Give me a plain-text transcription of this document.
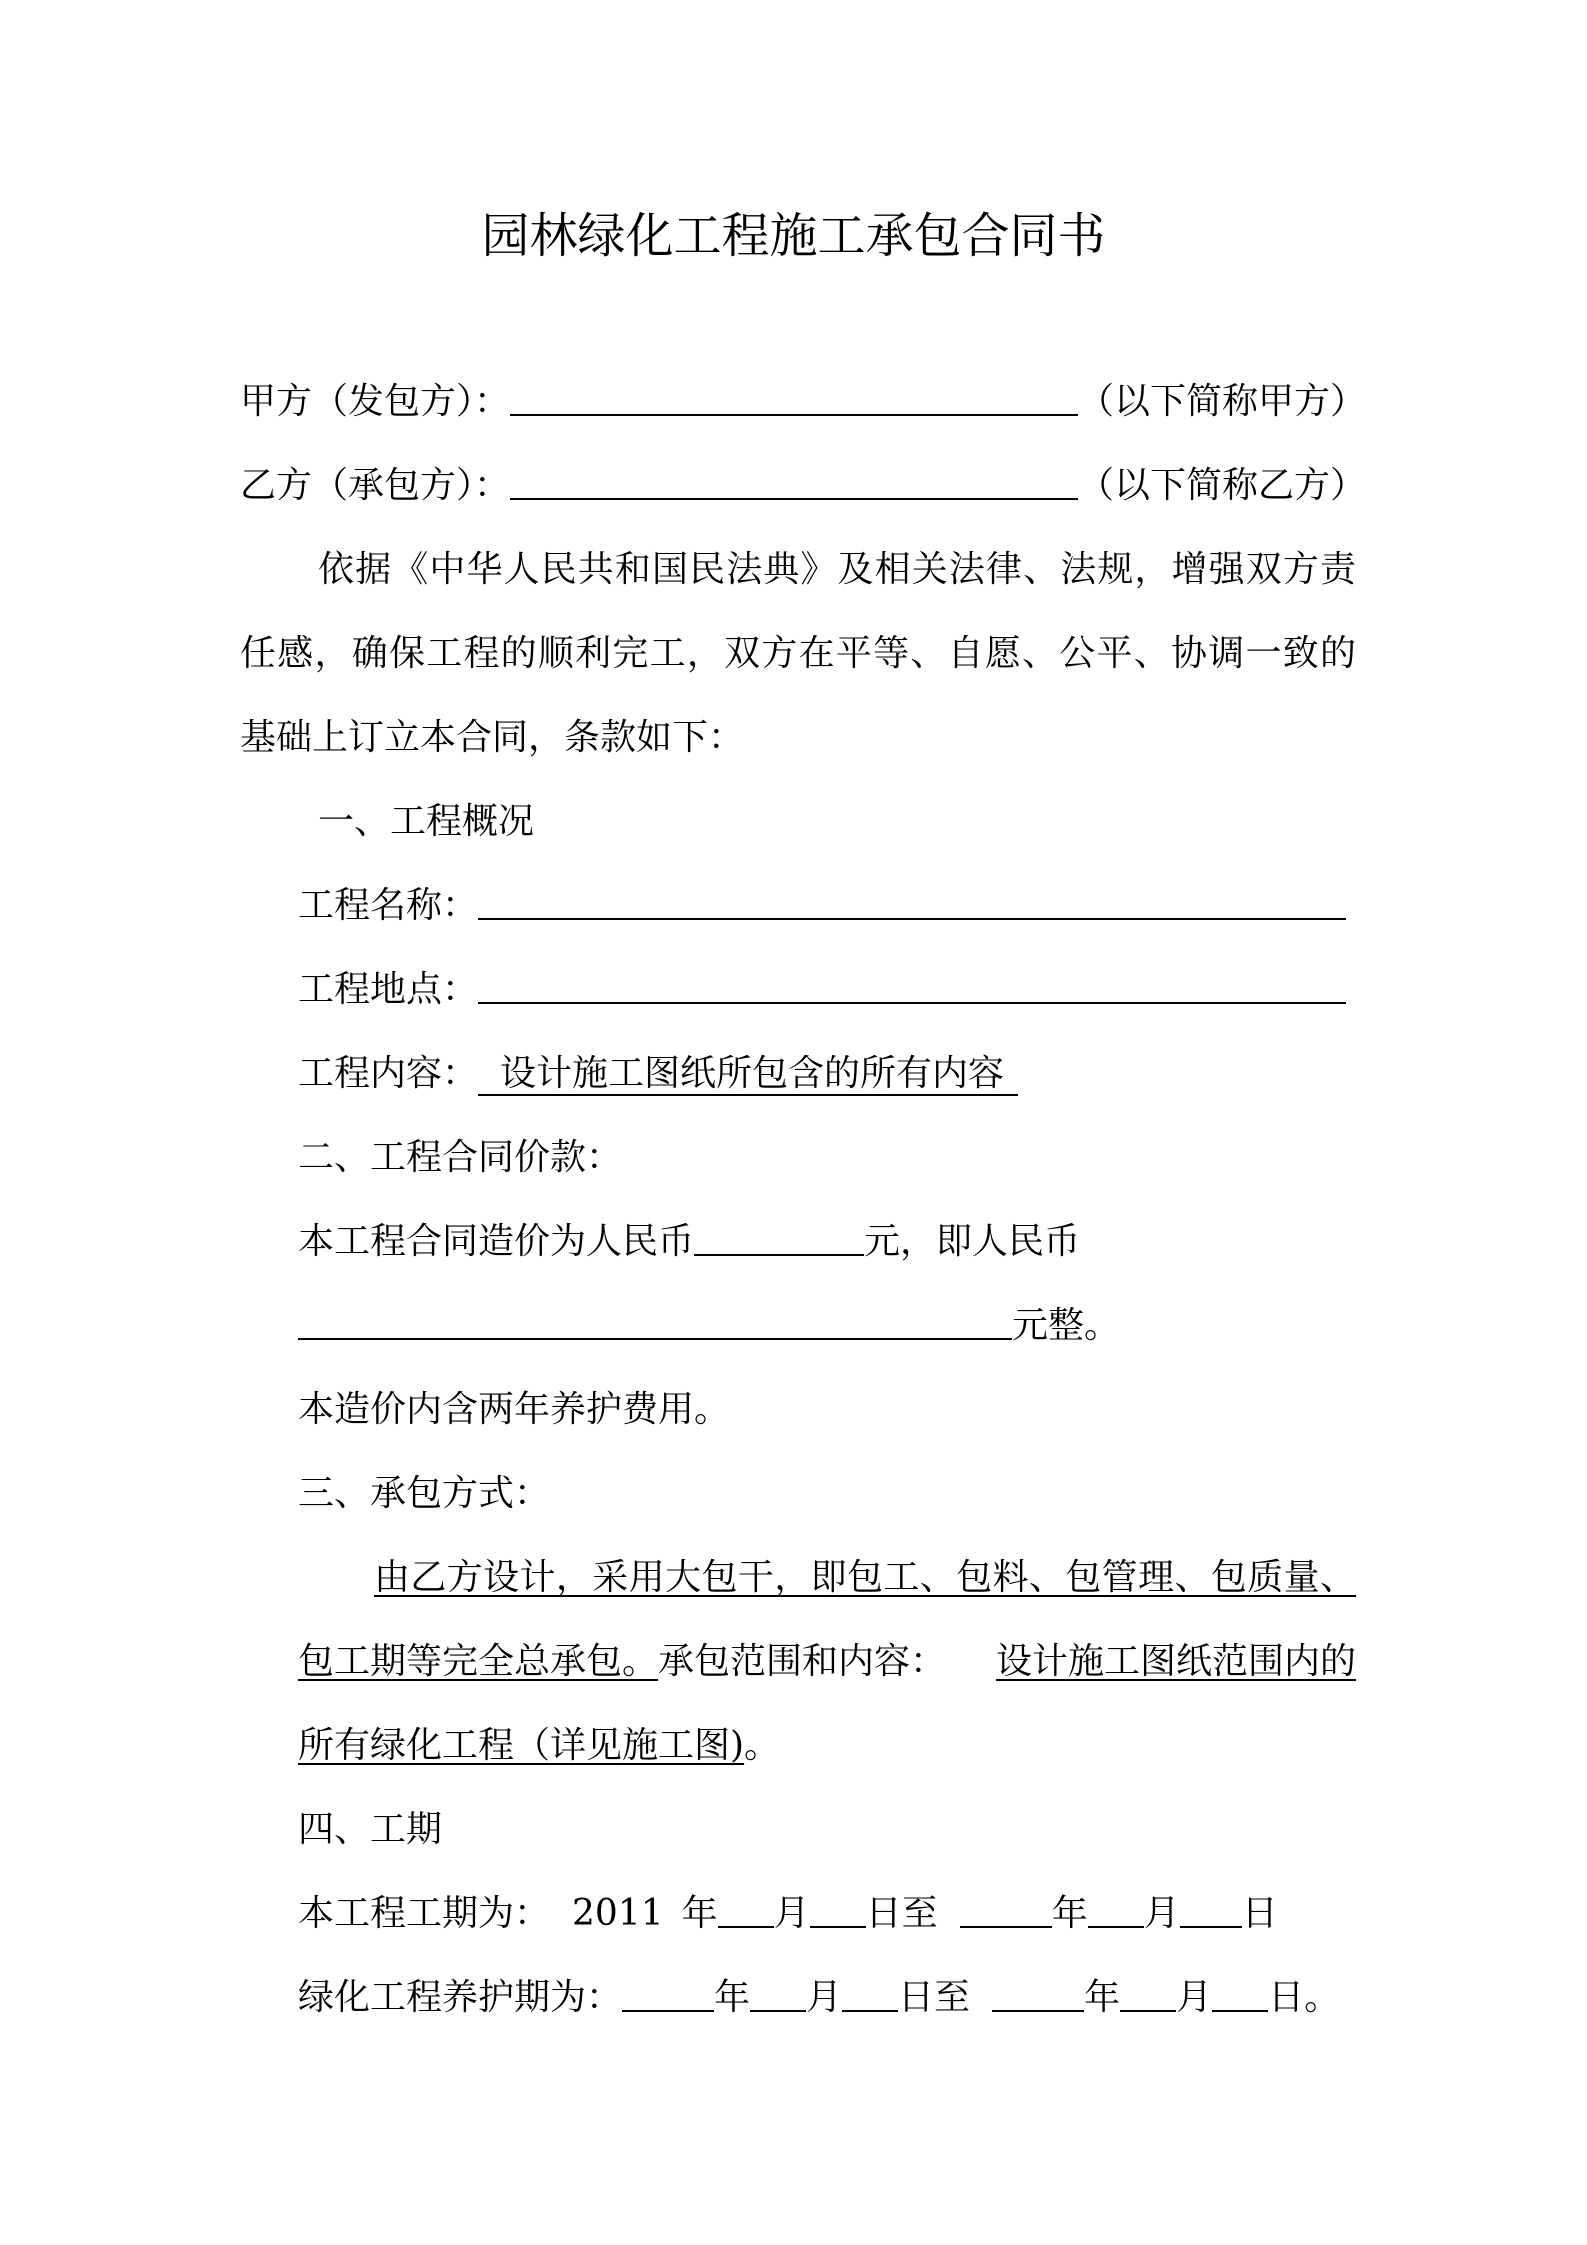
园林绿化工程施工承包合同书
甲方（发包方）：	（以下简称甲方）
乙方（承包方）：	（以下简称乙方）
依据《中华人民共和国民法典》及相关法律、法规，增强双方责
任感，确保工程的顺利完工，双方在平等、自愿、公平、协调一致的
基础上订立本合同，条款如下：
一、工程概况
工程名称：
工程地点：
工程内容： 设计施工图纸所包含的所有内容
二、工程合同价款：
本工程合同造价为人民币	元，即人民币
元整。
本造价内含两年养护费用。
三、承包方式：
由乙方设计，采用大包干，即包工、包料、包管理、包质量、
包工期等完全总承包。承包范围和内容： 设计施工图纸范围内的
所有绿化工程（详见施工图)。
四、工期
本工程工期为： 2011 年 月 日至	年 月 日
绿化工程养护期为：	年 月 日至	年 月 日。
